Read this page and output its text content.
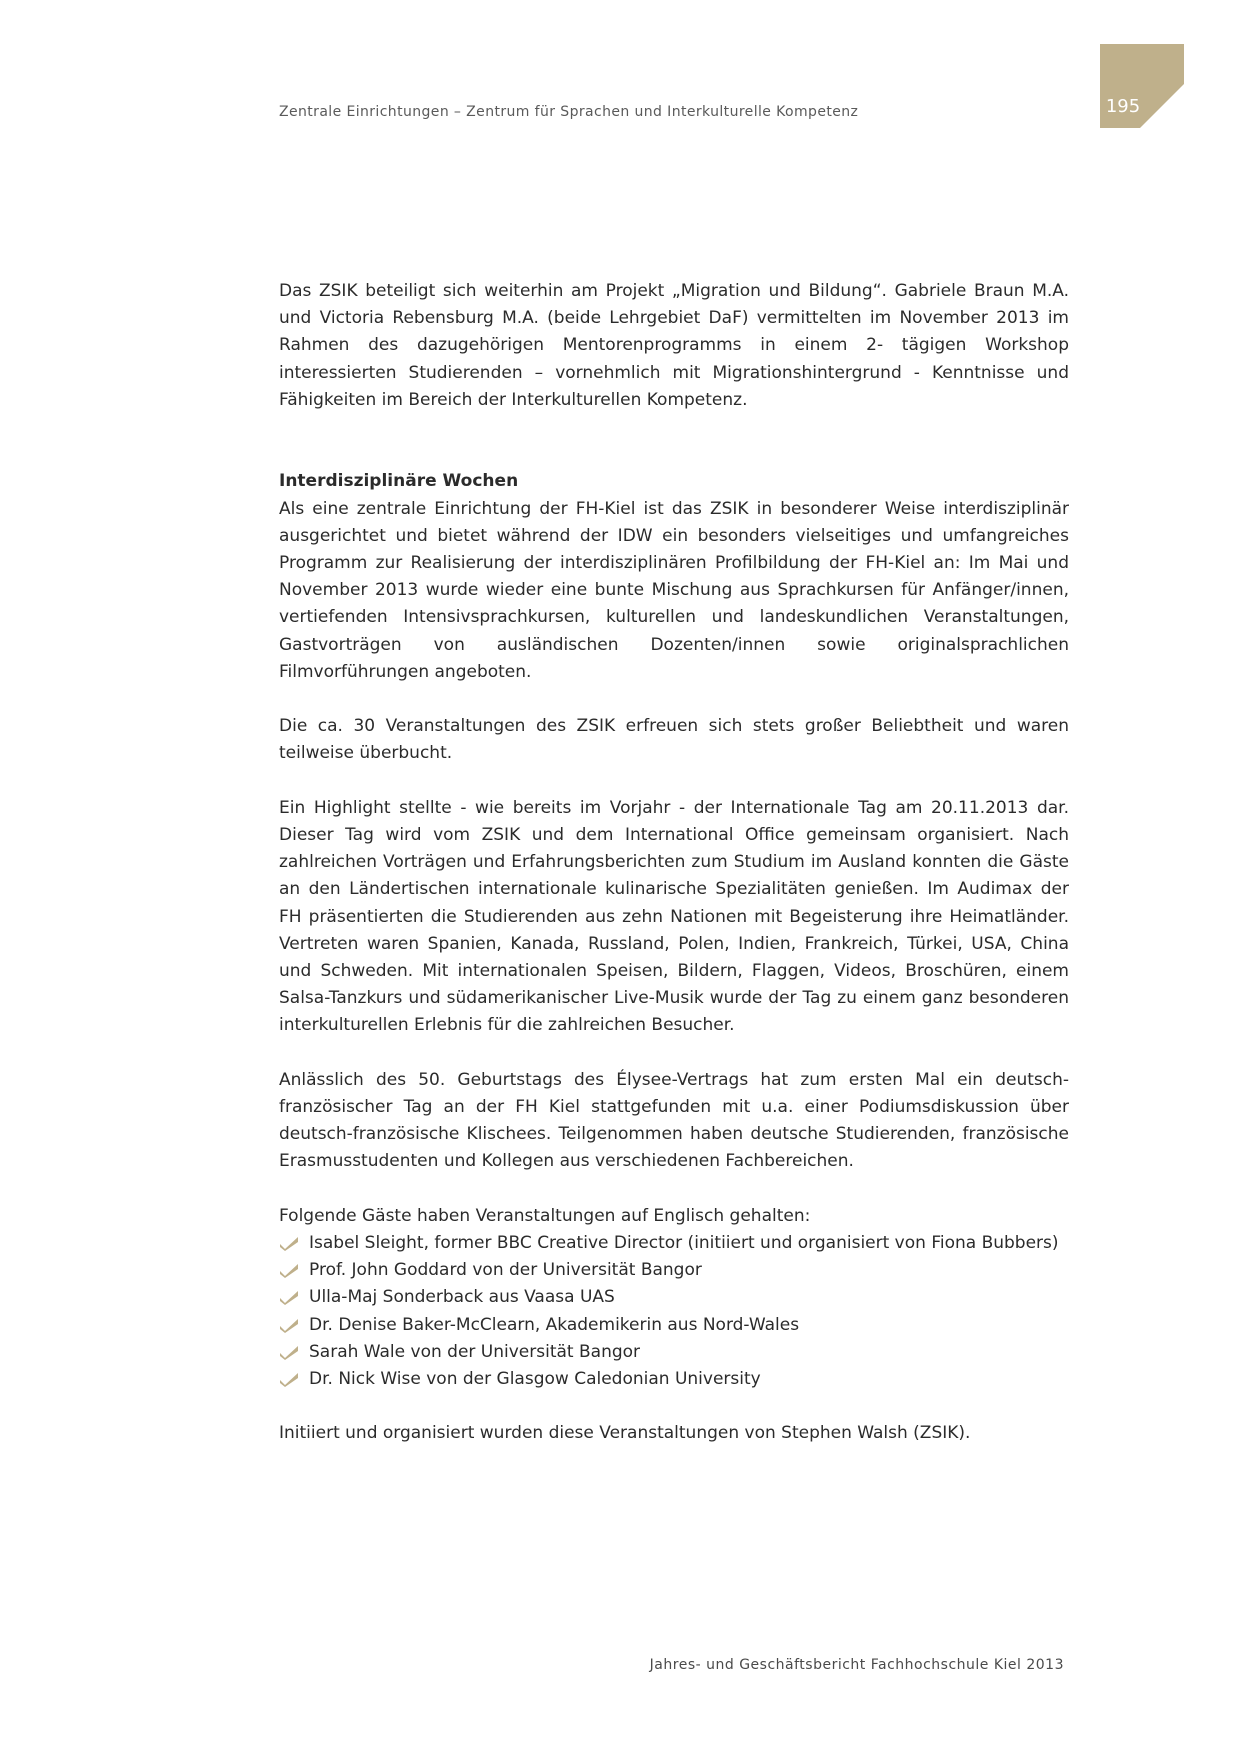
Zentrale Einrichtungen – Zentrum für Sprachen und Interkulturelle Kompetenz	195

Das ZSIK beteiligt sich weiterhin am Projekt „Migration und Bildung“. Gabriele Braun M.A. und Victoria Rebensburg M.A. (beide Lehrgebiet DaF) vermittelten im November 2013 im Rahmen des dazugehörigen Mentorenprogramms in einem 2- tägigen Workshop interessierten Studierenden – vornehmlich mit Migrationshintergrund - Kenntnisse und Fähigkeiten im Bereich der Interkulturellen Kompetenz.

Interdisziplinäre Wochen

Als eine zentrale Einrichtung der FH-Kiel ist das ZSIK in besonderer Weise interdisziplinär ausgerichtet und bietet während der IDW ein besonders vielseitiges und umfangreiches Programm zur Realisierung der interdisziplinären Profilbildung der FH-Kiel an: Im Mai und November 2013 wurde wieder eine bunte Mischung aus Sprachkursen für Anfänger/innen, vertiefenden Intensivsprachkursen, kulturellen und landeskundlichen Veranstaltungen, Gastvorträgen von ausländischen Dozenten/innen sowie originalsprachlichen Filmvorführungen angeboten.

Die ca. 30 Veranstaltungen des ZSIK erfreuen sich stets großer Beliebtheit und waren teilweise überbucht.

Ein Highlight stellte - wie bereits im Vorjahr - der Internationale Tag am 20.11.2013 dar. Dieser Tag wird vom ZSIK und dem International Office gemeinsam organisiert. Nach zahlreichen Vorträgen und Erfahrungsberichten zum Studium im Ausland konnten die Gäste an den Ländertischen internationale kulinarische Spezialitäten genießen. Im Audimax der FH präsentierten die Studierenden aus zehn Nationen mit Begeisterung ihre Heimatländer. Vertreten waren Spanien, Kanada, Russland, Polen, Indien, Frankreich, Türkei, USA, China und Schweden. Mit internationalen Speisen, Bildern, Flaggen, Videos, Broschüren, einem Salsa-Tanzkurs und südamerikanischer Live-Musik wurde der Tag zu einem ganz besonderen interkulturellen Erlebnis für die zahlreichen Besucher.

Anlässlich des 50. Geburtstags des Élysee-Vertrags hat zum ersten Mal ein deutsch- französischer Tag an der FH Kiel stattgefunden mit u.a. einer Podiumsdiskussion über deutsch-französische Klischees. Teilgenommen haben deutsche Studierenden, französische Erasmusstudenten und Kollegen aus verschiedenen Fachbereichen.

Folgende Gäste haben Veranstaltungen auf Englisch gehalten:

Isabel Sleight, former BBC Creative Director (initiiert und organisiert von Fiona Bubbers)
Prof. John Goddard von der Universität Bangor
Ulla-Maj Sonderback aus Vaasa UAS
Dr. Denise Baker-McClearn, Akademikerin aus Nord-Wales
Sarah Wale von der Universität Bangor
Dr. Nick Wise von der Glasgow Caledonian University

Initiiert und organisiert wurden diese Veranstaltungen von Stephen Walsh (ZSIK).

Jahres- und Geschäftsbericht Fachhochschule Kiel 2013
